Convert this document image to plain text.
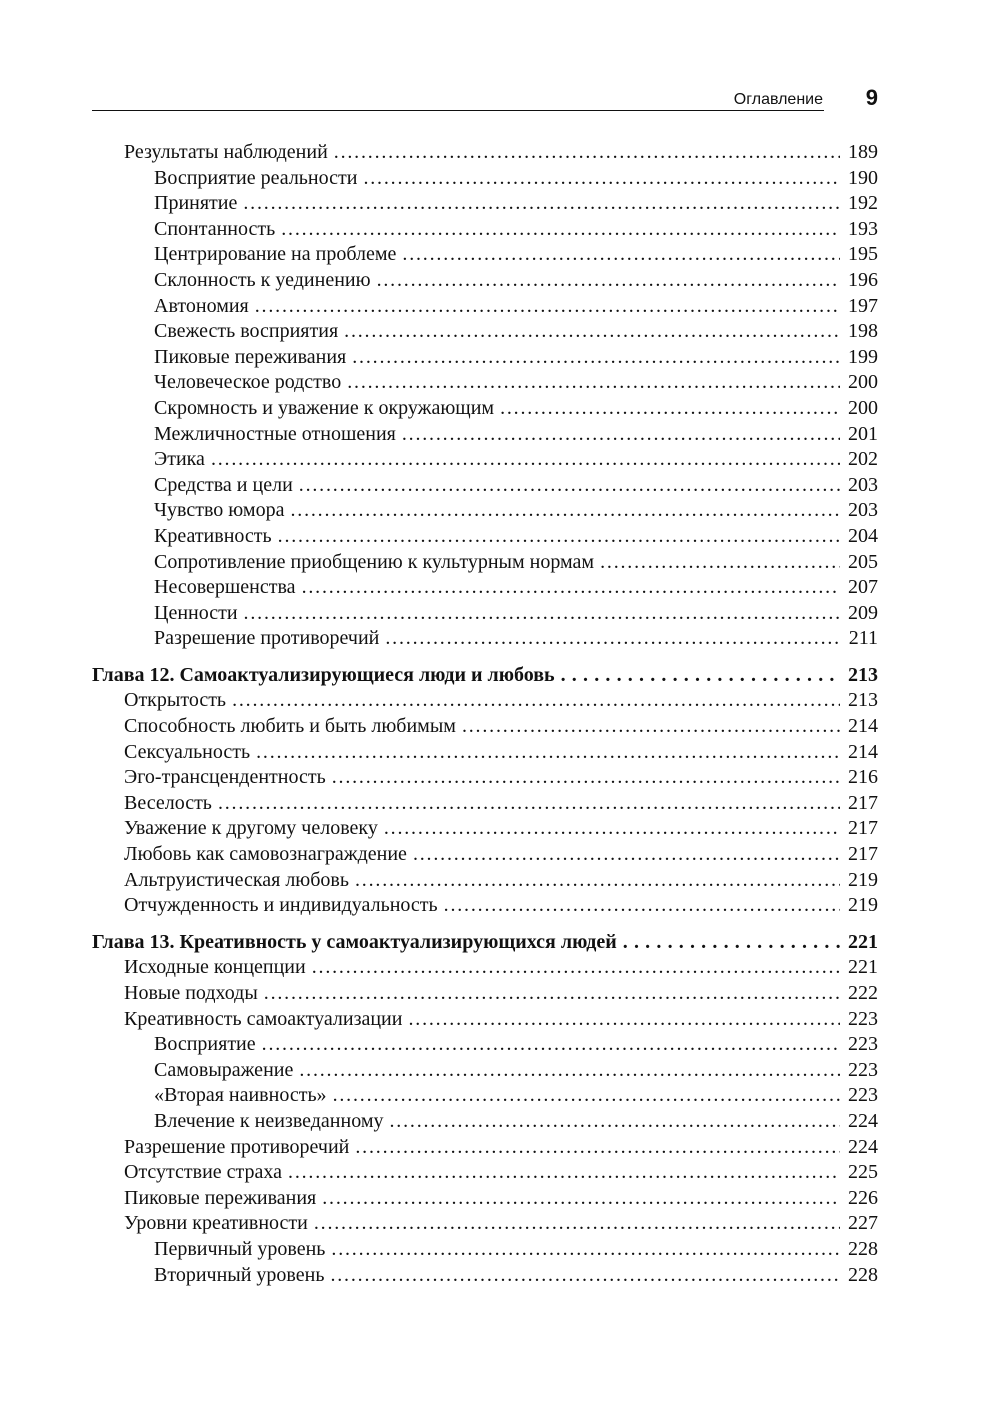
Оглавление 9
Результаты наблюдений . . .	189
Восприятие реальности . . .	190
Принятие . . .	192
Спонтанность . . .	193
Центрирование на проблеме . . .	195
Склонность к уединению . . .	196
Автономия . . .	197
Свежесть восприятия . . .	198
Пиковые переживания . . .	199
Человеческое родство . . .	200
Скромность и уважение к окружающим . . .	200
Межличностные отношения . . .	201
Этика . . .	202
Средства и цели . . .	203
Чувство юмора . . .	203
Креативность . . .	204
Сопротивление приобщению к культурным нормам . . .	205
Несовершенства . . .	207
Ценности . . .	209
Разрешение противоречий . . .	211
Глава 12. Самоактуализирующиеся люди и любовь . . .	213
Открытость . . .	213
Способность любить и быть любимым . . .	214
Сексуальность . . .	214
Эго-трансцендентность . . .	216
Веселость . . .	217
Уважение к другому человеку . . .	217
Любовь как самовознаграждение . . .	217
Альтруистическая любовь . . .	219
Отчужденность и индивидуальность . . .	219
Глава 13. Креативность у самоактуализирующихся людей . . .	221
Исходные концепции . . .	221
Новые подходы . . .	222
Креативность самоактуализации . . .	223
Восприятие . . .	223
Самовыражение . . .	223
«Вторая наивность» . . .	223
Влечение к неизведанному . . .	224
Разрешение противоречий . . .	224
Отсутствие страха . . .	225
Пиковые переживания . . .	226
Уровни креативности . . .	227
Первичный уровень . . .	228
Вторичный уровень . . .	228
